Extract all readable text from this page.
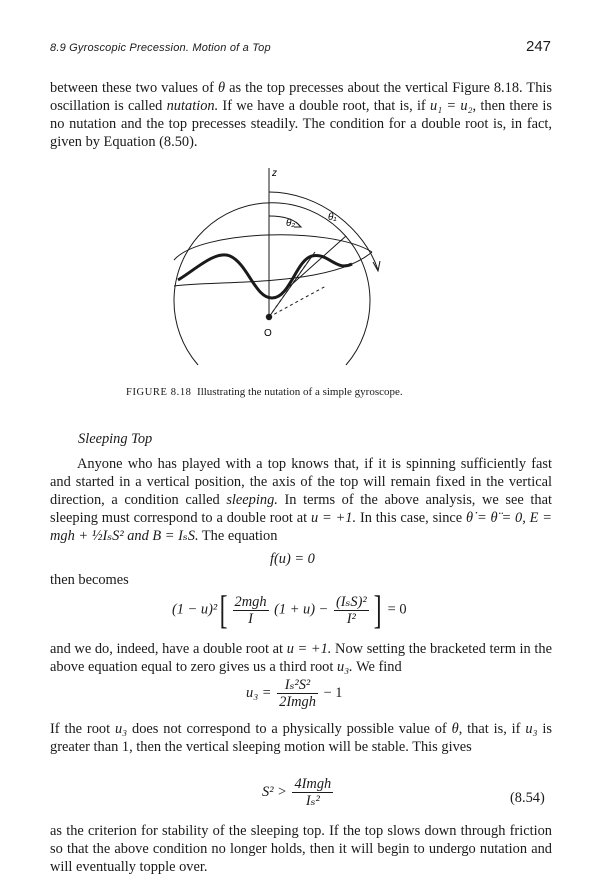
8.9 Gyroscopic Precession. Motion of a Top	247

between these two values of θ as the top precesses about the vertical Figure 8.18. This oscillation is called nutation. If we have a double root, that is, if u₁ = u₂, then there is no nutation and the top precesses steadily. The condition for a double root is, in fact, given by Equation (8.50).

z
θ₂
θ₁
O
FIGURE 8.18 Illustrating the nutation of a simple gyroscope.
Sleeping Top

Anyone who has played with a top knows that, if it is spinning sufficiently fast and started in a vertical position, the axis of the top will remain fixed in the vertical direction, a condition called sleeping. In terms of the above analysis, we see that sleeping must correspond to a double root at u = +1. In this case, since θ̇ = θ̈ = 0, E = mgh + ½IₛS² and B = IₛS. The equation

f(u) = 0
then becomes
$(1 - u)^2[ \frac{\text{2mgh}}{I} (1 + u) - \frac{\text{(IₛS)²}}{\text{I²}}$ ] = 0

and we do, indeed, have a double root at u = +1. Now setting the bracketed term in the above equation equal to zero gives us a third root u₃. We find

$u_3 = \frac{\text{Iₛ²S²}}{\text{2Imgh}} - 1$

If the root u₃ does not correspond to a physically possible value of θ, that is, if u₃ is greater than 1, then the vertical sleeping motion will be stable. This gives

$S^2 > \frac{\text{4Imgh}}{\text{Iₛ²}}$	(8.54)

as the criterion for stability of the sleeping top. If the top slows down through friction so that the above condition no longer holds, then it will begin to undergo nutation and will eventually topple over.
